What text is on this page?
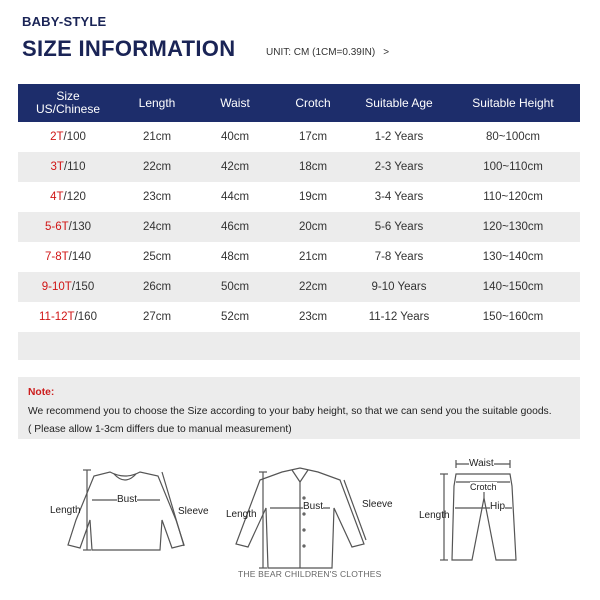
BABY-STYLE
SIZE INFORMATION	UNIT: CM (1CM=0.39IN) >
Size
US/Chinese	Length	Waist	Crotch	Suitable Age	Suitable Height
2T/100	21cm	40cm	17cm	1-2 Years	80~100cm
3T/110	22cm	42cm	18cm	2-3 Years	100~110cm
4T/120	23cm	44cm	19cm	3-4 Years	110~120cm
5-6T/130	24cm	46cm	20cm	5-6 Years	120~130cm
7-8T/140	25cm	48cm	21cm	7-8 Years	130~140cm
9-10T/150	26cm	50cm	22cm	9-10 Years	140~150cm
11-12T/160	27cm	52cm	23cm	11-12 Years	150~160cm
Note:
We recommend you to choose the Size according to your baby height, so that we can send you the suitable goods.
( Please allow 1-3cm differs due to manual measurement)
Length
Bust
Sleeve Length
Bust	Sleeve
Waist
Crotch
Length
Hip
THE BEAR CHILDREN'S CLOTHES
